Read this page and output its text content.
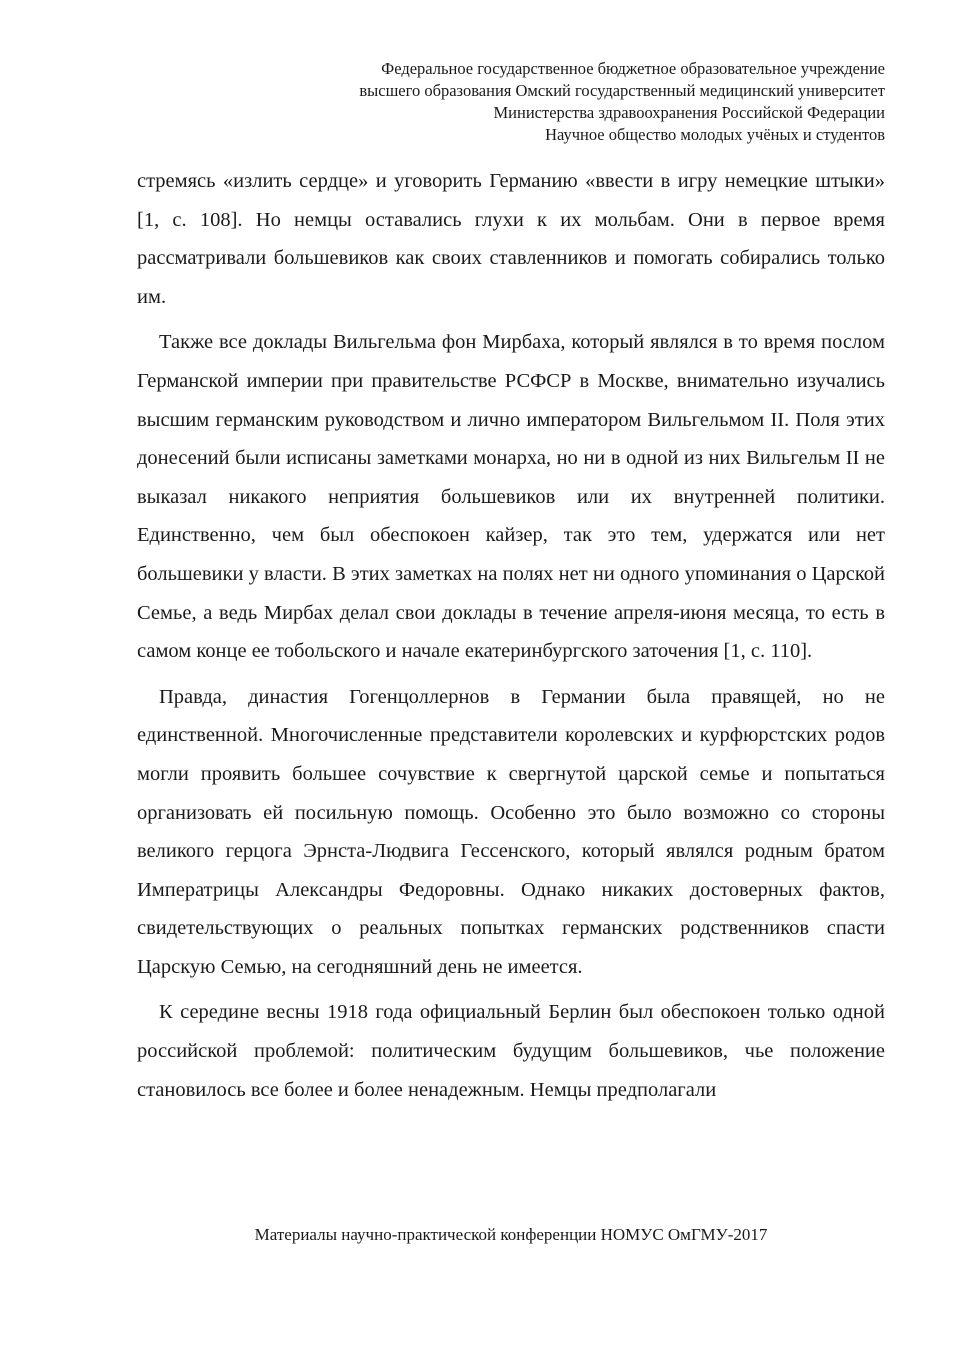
Федеральное государственное бюджетное образовательное учреждение
высшего образования Омский государственный медицинский университет
Министерства здравоохранения Российской Федерации
Научное общество молодых учёных и студентов

стремясь «излить сердце» и уговорить Германию «ввести в игру немецкие штыки» [1, с. 108]. Но немцы оставались глухи к их мольбам. Они в первое время рассматривали большевиков как своих ставленников и помогать собирались только им.

Также все доклады Вильгельма фон Мирбаха, который являлся в то время послом Германской империи при правительстве РСФСР в Москве, внимательно изучались высшим германским руководством и лично императором Вильгельмом II. Поля этих донесений были исписаны заметками монарха, но ни в одной из них Вильгельм II не выказал никакого неприятия большевиков или их внутренней политики. Единственно, чем был обеспокоен кайзер, так это тем, удержатся или нет большевики у власти. В этих заметках на полях нет ни одного упоминания о Царской Семье, а ведь Мирбах делал свои доклады в течение апреля-июня месяца, то есть в самом конце ее тобольского и начале екатеринбургского заточения [1, с. 110].

Правда, династия Гогенцоллернов в Германии была правящей, но не единственной. Многочисленные представители королевских и курфюрстских родов могли проявить большее сочувствие к свергнутой царской семье и попытаться организовать ей посильную помощь. Особенно это было возможно со стороны великого герцога Эрнста-Людвига Гессенского, который являлся родным братом Императрицы Александры Федоровны. Однако никаких достоверных фактов, свидетельствующих о реальных попытках германских родственников спасти Царскую Семью, на сегодняшний день не имеется.

К середине весны 1918 года официальный Берлин был обеспокоен только одной российской проблемой: политическим будущим большевиков, чье положение становилось все более и более ненадежным. Немцы предполагали

Материалы научно-практической конференции НОМУС ОмГМУ-2017
